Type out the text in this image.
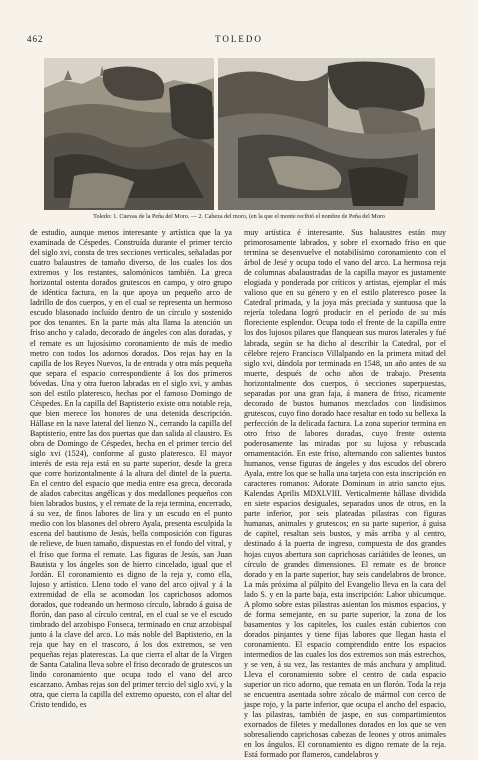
462	TOLEDO
Toledo: 1. Cuevas de la Peña del Moro. — 2. Cabeza del moro, (en la que el monte recibió el nombre de Peña del Moro

de estudio, aunque menos interesante y artística que la ya examinada de Céspedes. Construída durante el primer tercio del siglo xvi, consta de tres secciones verticales, señaladas por cuatro balaustres de tamaño diverso, de los cuales los dos extremos y los restantes, salomónicos también. La greca horizontal ostenta dorados grutescos en campo, y otro grupo de idéntica factura, en la que apoya un pequeño arco de ladrillo de dos cuerpos, y en el cual se representa un hermoso escudo blasonado incluído dentro de un círculo y sostenido por dos tenantes. En la parte más alta llama la atención un friso ancho y calado, decorado de ángeles con alas doradas, y el remate es un lujosísimo coronamiento de más de medio metro con todos los adornos dorados. Dos rejas hay en la capilla de los Reyes Nuevos, la de entrada y otra más pequeña que separa el espacio correspondiente á los dos primeros bóvedas. Una y otra fueron labradas en el siglo xvi, y ambas son del estilo plateresco, hechas por el famoso Domingo de Céspedes. En la capilla del Baptisterio existe otra notable reja, que bien merece los honores de una detenida descripción. Hállase en la nave lateral del lienzo N., cerrando la capilla del Baptisterio, entre las dos puertas que dan salida al claustro. Es obra de Domingo de Céspedes, hecha en el primer tercio del siglo xvi (1524), conforme al gusto plateresco. El mayor interés de esta reja está en su parte superior, desde la greca que corre horizontalmente á la altura del dintel de la puerta. En el centro del espacio que media entre esa greca, decorada de alados cabecitas angélicas y dos medallones pequeños con bien labrados bustos, y el remate de la reja termina, encerrado, á su vez, de finos labores de lira y un escudo en el punto medio con los blasones del obrero Ayala, presenta esculpida la escena del bautismo de Jesús, bella composición con figuras de relieve, de buen tamaño, dispuestas en el fondo del vitral, y el friso que forma el remate. Las figuras de Jesús, san Juan Bautista y los ángeles son de hierro cincelado, igual que el Jordán. El coronamiento es digno de la reja y, como ella, lujoso y artístico. Lleno todo el vano del arco ojival y á la extremidad de ella se acomodan los caprichosos adornos dorados, que rodeando un hermoso círculo, labrado á guisa de florón, dan paso al círculo central, en el cual se ve el escudo timbrado del arzobispo Fonseca, terminado en cruz arzobispal junto á la clave del arco. Lo más noble del Baptisterio, en la reja que hay en el trascoro, á los dos extremos, se ven pequeñas rejas platerescas. La que cierra el altar de la Virgen de Santa Catalina lleva sobre el friso decorado de grutescos un lindo coronamiento que ocupa todo el vano del arco escarzano. Ambas rejas son del primer tercio del siglo xvi, y la otra, que cierra la capilla del extremo opuesto, con el altar del Cristo tendido, es

muy artística é interesante. Sus balaustres están muy primorosamente labrados, y sobre el exornado friso en que termina se desenvuelve el notabilísimo coronamiento con el árbol de Jesé y ocupa todo el vano del arco. La hermosa reja de columnas abalaustradas de la capilla mayor es justamente elogiada y ponderada por críticos y artistas, ejemplar el más valioso que en su género y en el estilo plateresco posee la Catedral primada, y la joya más preciada y suntuosa que la rejería toledana logró producir en el período de su más floreciente esplendor. Ocupa todo el frente de la capilla entre los dos lujosos pilares que flanquean sus muros laterales y fué labrada, según se ha dicho al describir la Catedral, por el célebre rejero Francisco Villalpando en la primera mitad del siglo xvi, dándola por terminada en 1548, un año antes de su muerte, después de ocho años de trabajo. Presenta horizontalmente dos cuerpos, ó secciones superpuestas, separadas por una gran faja, á manera de friso, ricamente decorado de bustos humanos mezclados con lindísimos grutescos, cuyo fino dorado hace resaltar en todo su bellexa la perfección de la delicada factura. La zona superior termina en otro friso de labores doradas, cuyo frente ostenta poderosamente las miradas por su lujosa y rebuscada ornamentación. En este friso, alternando con salientes bustos humanos, vense figuras de ángeles y dos escudos del obrero Ayala, entre los que se halla una tarjeta con esta inscripción en caracteres romanos: Adorate Dominum in atrio sancto ejus. Kalendas Aprilis MDXLVIII. Verticalmente hállase dividida en siete espacios desiguales, separados unos de otros, en la parte inferior, por seis plateadas pilastras con figuras humanas, animales y grutescos; en su parte superior, á guisa de capitel, resaltan seis bustos, y más arriba y al centro, destinado á la puerta de ingreso, compuesta de dos grandes hojas cuyos abertura son caprichosas cariátides de leones, un círculo de grandes dimensiones. El remate es de bronce dorado y en la parte superior, hay seis candelabros de bronce. La más próxima al púlpito del Evangelio lleva en la cara del lado S. y en la parte baja, esta inscripción: Labor ubicumque. A plomo sobre estas pilastras asientan los mismos espacios, y de forma semejante, en su parte superior, la zona de los basamentos y los capiteles, los cuales están cubiertos con dorados pinjantes y tiene fijas labores que llegan hasta el coronamiento. El espacio comprendido entre los espacios intermedios de las cuales los dos extremos son más estrechos, y se ven, á su vez, las restantes de más anchura y amplitud. Lleva el coronamiento sobre el centro de cada espacio superior un rico adorno, que remata en un florón. Toda la reja se encuentra asentada sobre zócalo de mármol con cerco de jaspe rojo, y la parte inferior, que ocupa el ancho del espacio, y las pilastras, también de jaspe, en sus compartimientos exornados de filetes y medallones dorados en los que se ven sobresaliendo caprichosas cabezas de leones y otros animales en los ángulos. El coronamiento es digno remate de la reja. Está formado por flameros, candelabros y
